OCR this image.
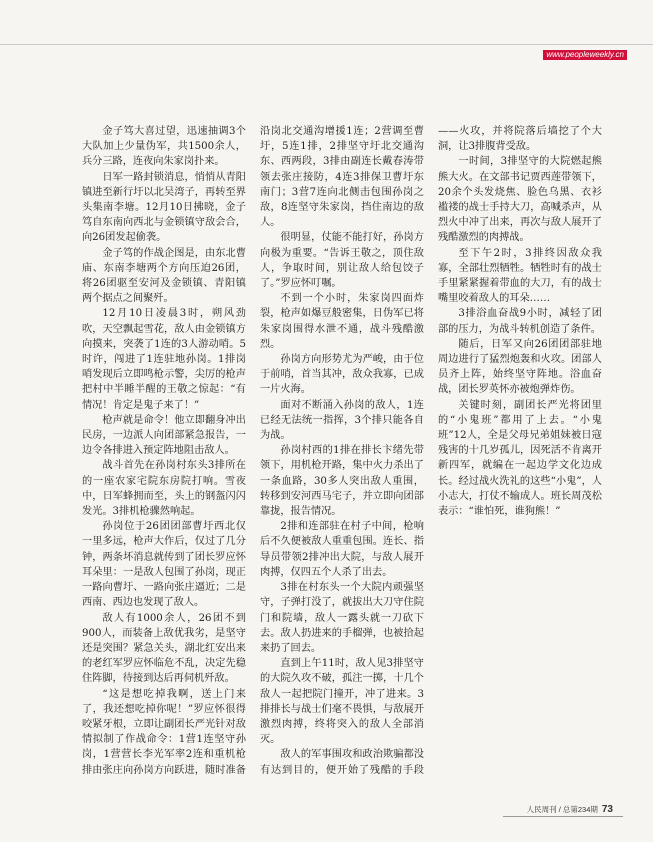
www.peopleweekly.cn

金子笃大喜过望，迅速抽调3个大队加上少量伪军，共1500余人，兵分三路，连夜向朱家岗扑来。

日军一路封锁消息，悄悄从青阳镇进至新行圩以北吴湾子，再转至界头集南李塘。12月10日拂晓，金子笃自东南向西北与金锁镇守敌会合，向26团发起偷袭。

金子笃的作战企图是，由东北曹庙、东南李塘两个方向压迫26团，将26团驱至安河及金锁镇、青阳镇两个据点之间聚歼。

12月10日凌晨3时，朔风劲吹，天空飘起雪花，敌人由金锁镇方向摸来，突袭了1连的3人游动哨。5时许，闯进了1连驻地孙岗。1排岗哨发现后立即鸣枪示警，尖厉的枪声把村中半睡半醒的王敬之惊起：“有情况！肯定是鬼子来了！”

枪声就是命令！他立即翻身冲出民房，一边派人向团部紧急报告，一边令各排进入预定阵地阻击敌人。

战斗首先在孙岗村东头3排所在的一座农家宅院东房院打响。雪夜中，日军蜂拥而至，头上的钢盔闪闪发光。3排机枪骤然响起。

孙岗位于26团团部曹圩西北仅一里多远，枪声大作后，仅过了几分钟，两条坏消息就传到了团长罗应怀耳朵里：一是敌人包围了孙岗，现正一路向曹圩、一路向张庄逼近；二是西南、西边也发现了敌人。

敌人有1000余人，26团不到900人，而装备上敌优我劣，是坚守还是突围？紧急关头，湖北红安出来的老红军罗应怀临危不乱，决定先稳住阵脚，待接到达后再伺机歼敌。

“这是想吃掉我啊，送上门来了，我还想吃掉你呢！”罗应怀很得咬紧牙根，立即让副团长严光针对敌情拟制了作战命令：1营1连坚守孙岗，1营营长李光军率2连和重机枪排由张庄向孙岗方向跃进，随时准备沿岗北交通沟增援1连；2营调至曹圩，5连1排，2排坚守圩北交通沟东、西两段，3排由副连长戴春涛带领去张庄接防，4连3排保卫曹圩东南门；3营7连向北侧击包围孙岗之敌，8连坚守朱家岗，挡住南边的敌人。

很明显，仗能不能打好，孙岗方向极为重要。“告诉王敬之，顶住敌人，争取时间，别让敌人给包饺子了。”罗应怀叮嘱。

不到一个小时，朱家岗四面炸裂，枪声如爆豆般密集，日伪军已将朱家岗围得水泄不通，战斗残酷激烈。

孙岗方向形势尤为严峻，由于位于前哨，首当其冲，敌众我寡，已成一片火海。

面对不断涌入孙岗的敌人，1连已经无法统一指挥，3个排只能各自为战。

孙岗村西的1排在排长卞绪先带领下，用机枪开路，集中火力杀出了一条血路，30多人突出敌人重围，转移到安河西马宅子，并立即向团部靠拢，报告情况。

2排和连部驻在村子中间，枪响后不久便被敌人重重包围。连长、指导员带领2排冲出大院，与敌人展开肉搏，仅四五个人杀了出去。

3排在村东头一个大院内顽强坚守，子弹打没了，就拔出大刀守住院门和院墙，敌人一露头就一刀砍下去。敌人扔进来的手榴弹，也被拾起来扔了回去。

直到上午11时，敌人见3排坚守的大院久攻不破，孤注一掷，十几个敌人一起把院门撞开，冲了进来。3排排长与战士们毫不畏惧，与敌展开激烈肉搏，终将突入的敌人全部消灭。

敌人的军事围攻和政治欺骗都没有达到目的，便开始了残酷的手段——火攻，并将院落后墙挖了个大洞，让3排腹背受敌。

一时间，3排坚守的大院燃起熊熊大火。在文部书记贾西莲带领下，20余个头发烧焦、脸色乌黑、衣衫褴褛的战士手持大刀，高喊杀声，从烈火中冲了出来，再次与敌人展开了残酷激烈的肉搏战。

至下午2时，3排终因敌众我寡，全部壮烈牺牲。牺牲时有的战士手里紧紧握着带血的大刀，有的战士嘴里咬着敌人的耳朵……

3排浴血奋战9小时，减轻了团部的压力，为战斗转机创造了条件。

随后，日军又向26团团部驻地周边进行了猛烈炮轰和火攻。团部人员齐上阵，始终坚守阵地。浴血奋战，团长罗英怀亦被炮弹炸伤。

关键时刻，副团长严光将团里的“小鬼班”都用了上去。“小鬼班”12人，全是父母兄弟姐妹被日寇残害的十几岁孤儿，因死活不肯离开新四军，就编在一起边学文化边成长。经过战火洗礼的这些“小鬼”，人小志大，打仗不输成人。班长周茂松表示：“谁怕死，谁狗熊！”

人民周刊 / 总第234期 73
